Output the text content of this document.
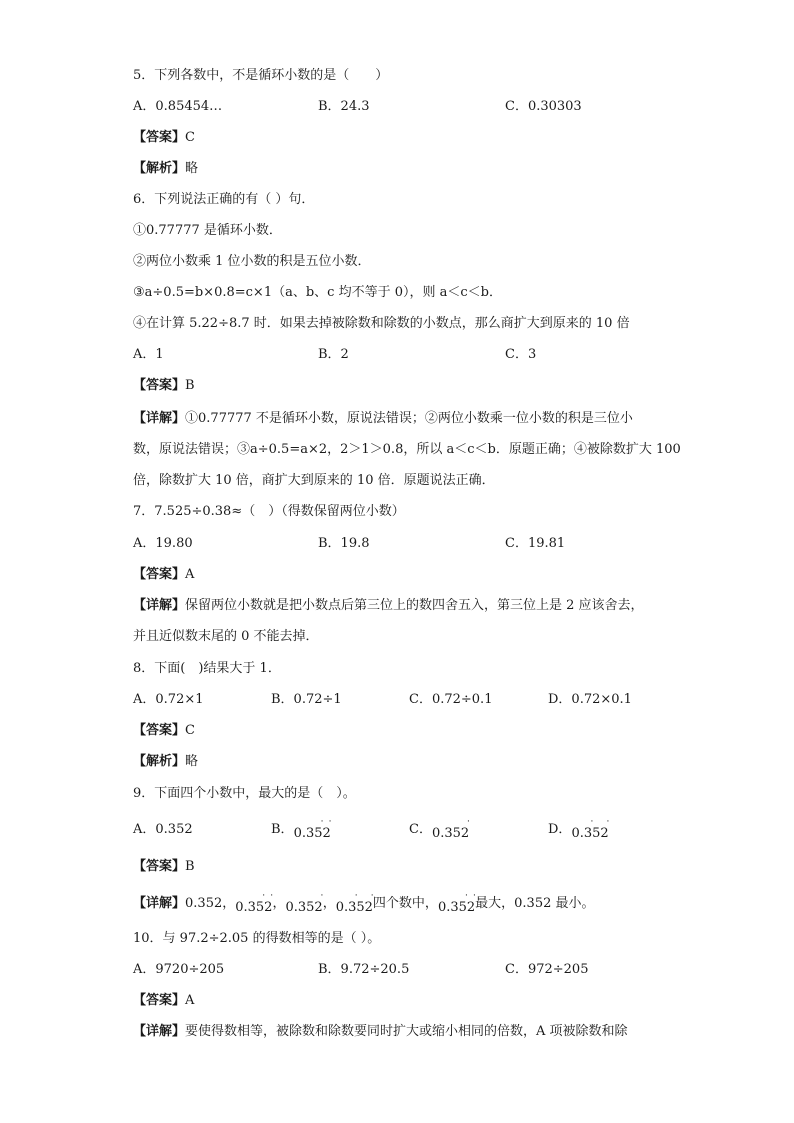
5．下列各数中，不是循环小数的是（　　）
A．0.85454…	B．24.3	C．0.30303
【答案】C
【解析】略
6．下列说法正确的有（ ）句．
①0.77777 是循环小数．
②两位小数乘 1 位小数的积是五位小数．
③a÷0.5=b×0.8=c×1（a、b、c 均不等于 0），则 a＜c＜b．
④在计算 5.22÷8.7 时．如果去掉被除数和除数的小数点，那么商扩大到原来的 10 倍
A．1	B．2	C．3
【答案】B
【详解】①0.77777 不是循环小数，原说法错误；②两位小数乘一位小数的积是三位小
数，原说法错误；③a÷0.5=a×2，2＞1＞0.8，所以 a＜c＜b．原题正确；④被除数扩大 100
倍，除数扩大 10 倍，商扩大到原来的 10 倍．原题说法正确．
7．7.525÷0.38≈（　）（得数保留两位小数）
A．19.80	B．19.8	C．19.81
【答案】A
【详解】保留两位小数就是把小数点后第三位上的数四舍五入，第三位上是 2 应该舍去，
并且近似数末尾的 0 不能去掉．
8．下面(　)结果大于 1．
A．0.72×1	B．0.72÷1	C．0.72÷0.1	D．0.72×0.1
【答案】C
【解析】略
9．下面四个小数中，最大的是（　）。
A．0.352	B．0.352
· ·	C．0.352
·	D．0.352
· ·
【答案】B
【详解】0.352，0.352
· · ，0.352
· ，0.352
· · 四个数中，0.352
· · 最大，0.352 最小。
10．与 97.2÷2.05 的得数相等的是（ ）。
A．9720÷205	B．9.72÷20.5	C．972÷205
【答案】A
【详解】要使得数相等，被除数和除数要同时扩大或缩小相同的倍数，A 项被除数和除
